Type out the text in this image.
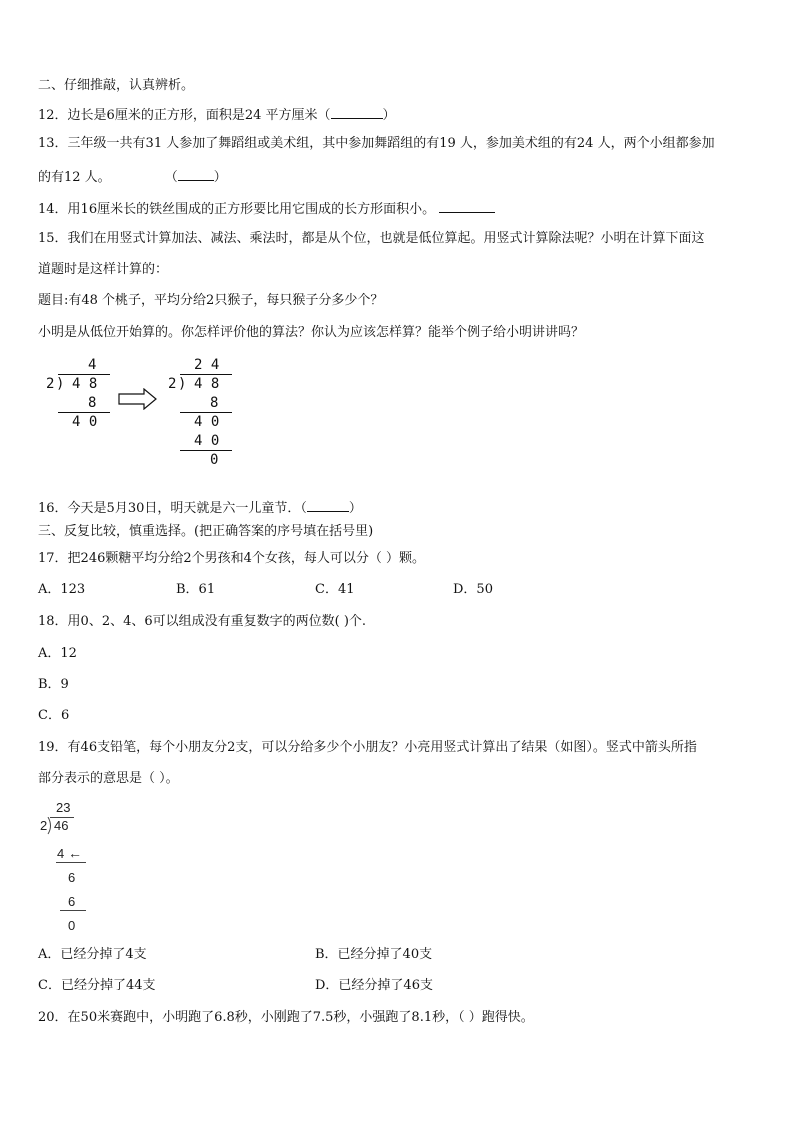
二、仔细推敲，认真辨析。
12．边长是6厘米的正方形，面积是24 平方厘米（	）
13．三年级一共有31 人参加了舞蹈组或美术组，其中参加舞蹈组的有19 人，参加美术组的有24 人，两个小组都参加
的有12 人。	（	）
14．用16厘米长的铁丝围成的正方形要比用它围成的长方形面积小。
15．我们在用竖式计算加法、减法、乘法时，都是从个位，也就是低位算起。用竖式计算除法呢？小明在计算下面这
道题时是这样计算的：
题目:有48 个桃子，平均分给2只猴子，每只猴子分多少个？
小明是从低位开始算的。你怎样评价他的算法？你认为应该怎样算？能举个例子给小明讲讲吗？
4
2 ) 4 8
8
4 0
2 4
2 ) 4 8
8
4 0
4 0
0
16．今天是5月30日，明天就是六一儿童节．（	）
三、反复比较，慎重选择。(把正确答案的序号填在括号里)
17．把246颗糖平均分给2个男孩和4个女孩，每人可以分（ ）颗。
A．123	B．61	C．41	D．50
18．用0、2、4、6可以组成没有重复数字的两位数( )个.
A．12
B．9
C．6
19．有46支铅笔，每个小朋友分2支，可以分给多少个小朋友？小亮用竖式计算出了结果（如图）。竖式中箭头所指
部分表示的意思是（ ）。
23
2 46
4 ←
6
6
0
A．已经分掉了4支	B．已经分掉了40支
C．已经分掉了44支	D．已经分掉了46支
20．在50米赛跑中，小明跑了6.8秒，小刚跑了7.5秒，小强跑了8.1秒，（ ）跑得快。
